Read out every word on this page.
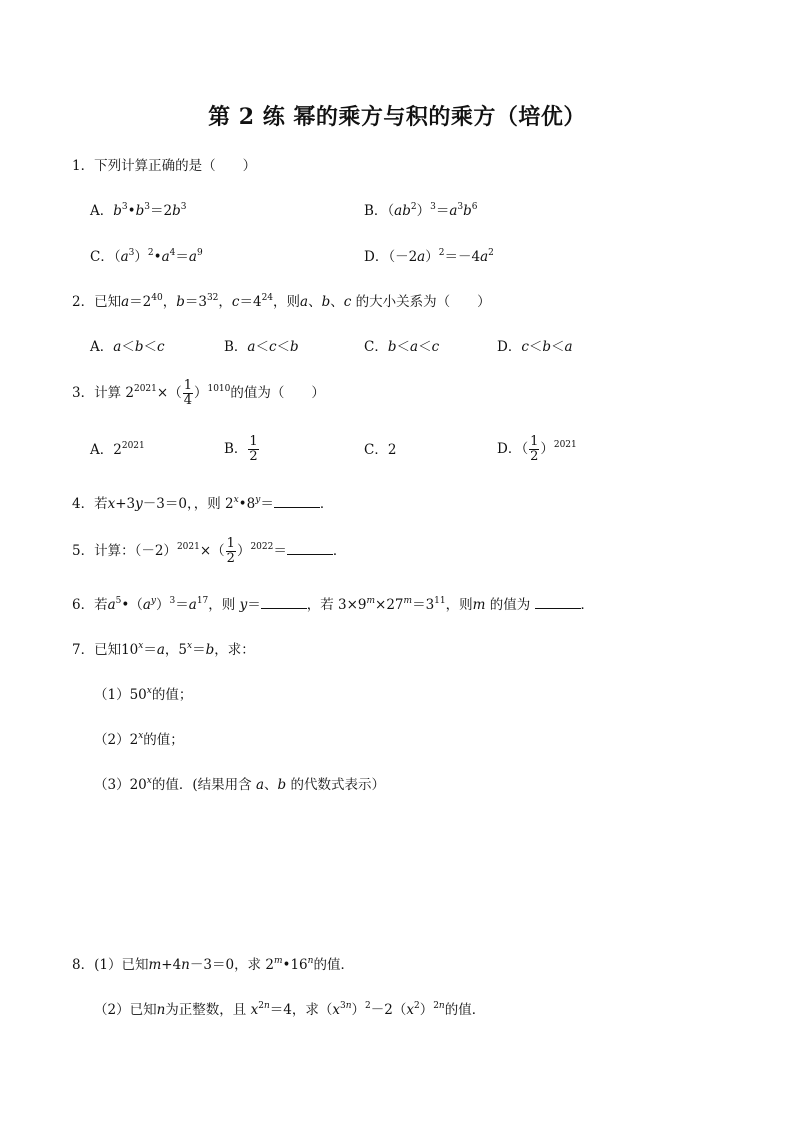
第 2 练 幂的乘方与积的乘方（培优）
1．下列计算正确的是（　　）
A．$b^3•b^3=2b^3$	B．$(ab^2)^3=a^3b^6$
C．$(a^3)^2•a^4=a^9$	D．$(-2a)^2=-4a^2$
2．已知$a=2^{40}$，$b=3^{32}$，$c=4^{24}$，则a、b、c 的大小关系为（　　）
A．a＜b＜c	B．a＜c＜b	C．b＜a＜c	D．c＜b＜a
3．计算 $2^{2021}\times( \frac{1}{4} )^{1010}$的值为（　　）
A．$2^{2021}$	B． $\frac{1}{2}$	C．2	D．（ $\frac{1}{2} )^{2021}$
4．若x+3y－3＝0，，则 $2^x•8^y=$	．
5．计算：$(-2)^{2021}\times( \frac{1}{2} )^{2022}=$	．
6．若$a^5•(a^y)^3=a^{17}$，则 y＝	，若 $3\times 9^m\times 27^m=3^{11}$，则m 的值为	．
7．已知$10^x=a$，$5^x=b$，求：
（1）50$^x$的值；
（2）2$^x$的值；
（3）20$^x$的值．(结果用含 a、b 的代数式表示）
8．(1）已知m+4n－3＝0，求 2$^m$•16$^n$的值．
（2）已知n为正整数，且 $x^{2n}=4$，求$(x^{3n})^2-2(x^2)^{2n}$的值．
